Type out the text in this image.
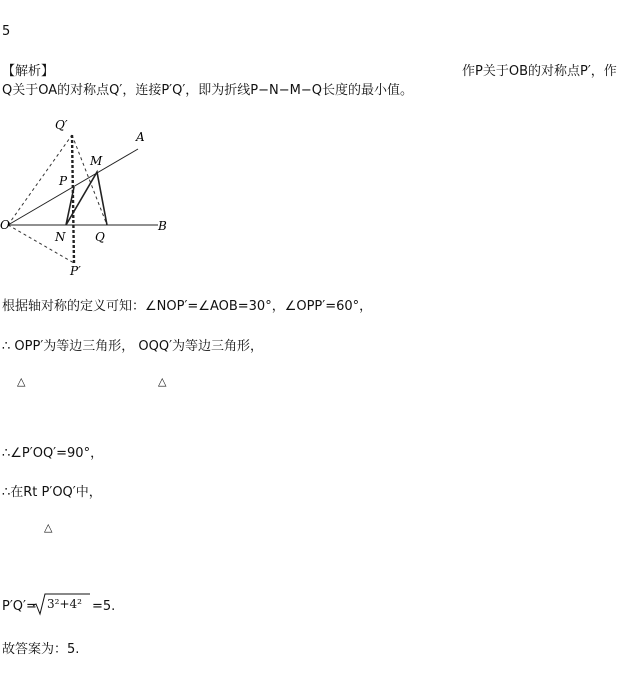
5
【解析】	作P关于OB的对称点P′，作
Q关于OA的对称点Q′，连接P′Q′，即为折线P−N−M−Q长度的最小值。
Q′
A
M
P
O
N Q
B
P′
根据轴对称的定义可知：∠NOP′=∠AOB=30°，∠OPP′=60°，
∴ OPP′为等边三角形， OQQ′为等边三角形，
△	△
∴∠P′OQ′=90°，
∴在Rt P′OQ′中，
△
P′Q′= 3²+4² =5.
故答案为：5.
